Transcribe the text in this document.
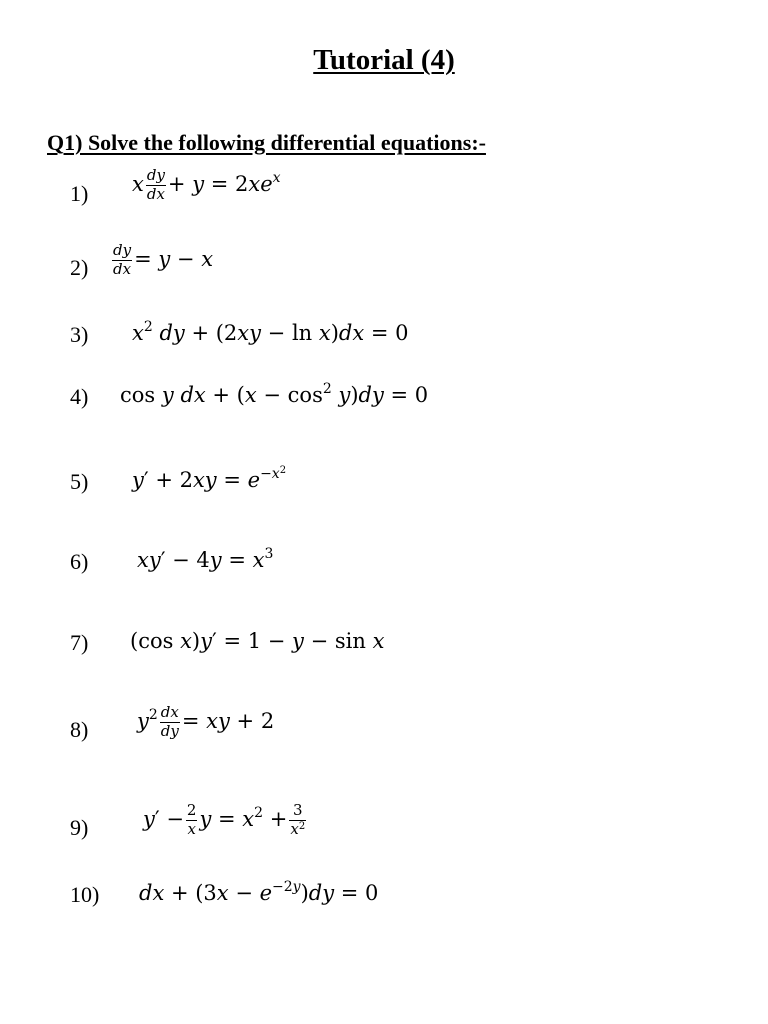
Tutorial (4)
Q1) Solve the following differential equations:-
1) x $\frac{dy}{dx} + y = 2xe^x$
$2) \frac{dy}{dx} = y - x$
3) $x^2$ dy + (2xy − ln x)dx = 0
4) cos y dx + $(x - \cos^2 y)dy = 0$
5) $y' + 2xy = e^{-x^2}$
6) $xy' - 4y = x^3$
7) (cos x)y′ = 1 − y − sin x
8) $y^2 \frac{dx}{dy}$ = xy + 2
9)	$y' - \frac{2}{x}$ $y = x^2 + \frac{3}{x^2}$
10) dx + $(3x - e^{-2y})dy = 0$
